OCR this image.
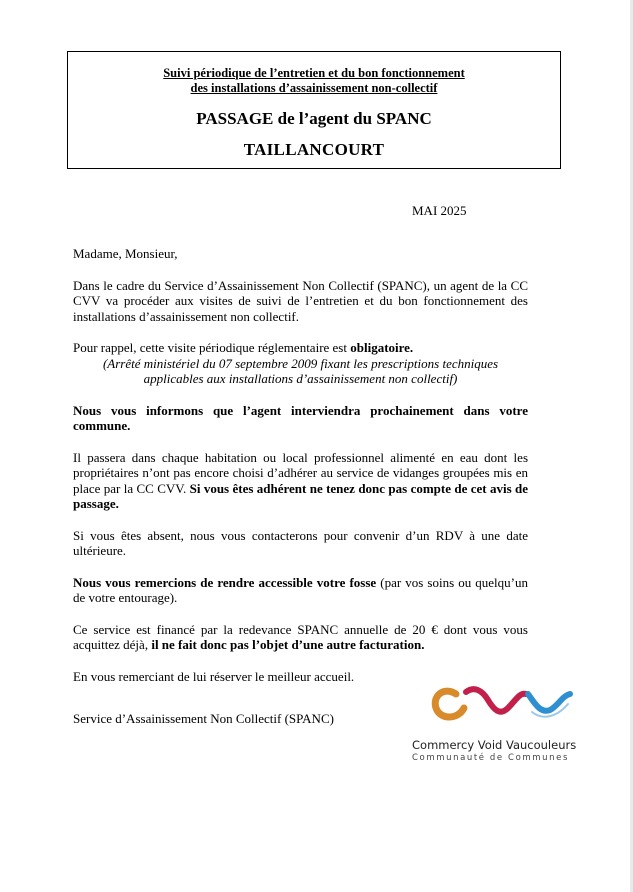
Suivi périodique de l’entretien et du bon fonctionnement
des installations d’assainissement non-collectif
PASSAGE de l’agent du SPANC
TAILLANCOURT
MAI 2025

Madame, Monsieur,

Dans le cadre du Service d’Assainissement Non Collectif (SPANC), un agent de la CC CVV va procéder aux visites de suivi de l’entretien et du bon fonctionnement des installations d’assainissement non collectif.

Pour rappel, cette visite périodique réglementaire est obligatoire.

(Arrêté ministériel du 07 septembre 2009 fixant les prescriptions techniques applicables aux installations d’assainissement non collectif)

Nous vous informons que l’agent interviendra prochainement dans votre commune.

Il passera dans chaque habitation ou local professionnel alimenté en eau dont les propriétaires n’ont pas encore choisi d’adhérer au service de vidanges groupées mis en place par la CC CVV. Si vous êtes adhérent ne tenez donc pas compte de cet avis de passage.

Si vous êtes absent, nous vous contacterons pour convenir d’un RDV à une date ultérieure.

Nous vous remercions de rendre accessible votre fosse (par vos soins ou quelqu’un de votre entourage).

Ce service est financé par la redevance SPANC annuelle de 20 € dont vous vous acquittez déjà, il ne fait donc pas l’objet d’une autre facturation.

En vous remerciant de lui réserver le meilleur accueil.

Service d’Assainissement Non Collectif (SPANC)
Commercy Void Vaucouleurs
Communauté de Communes
